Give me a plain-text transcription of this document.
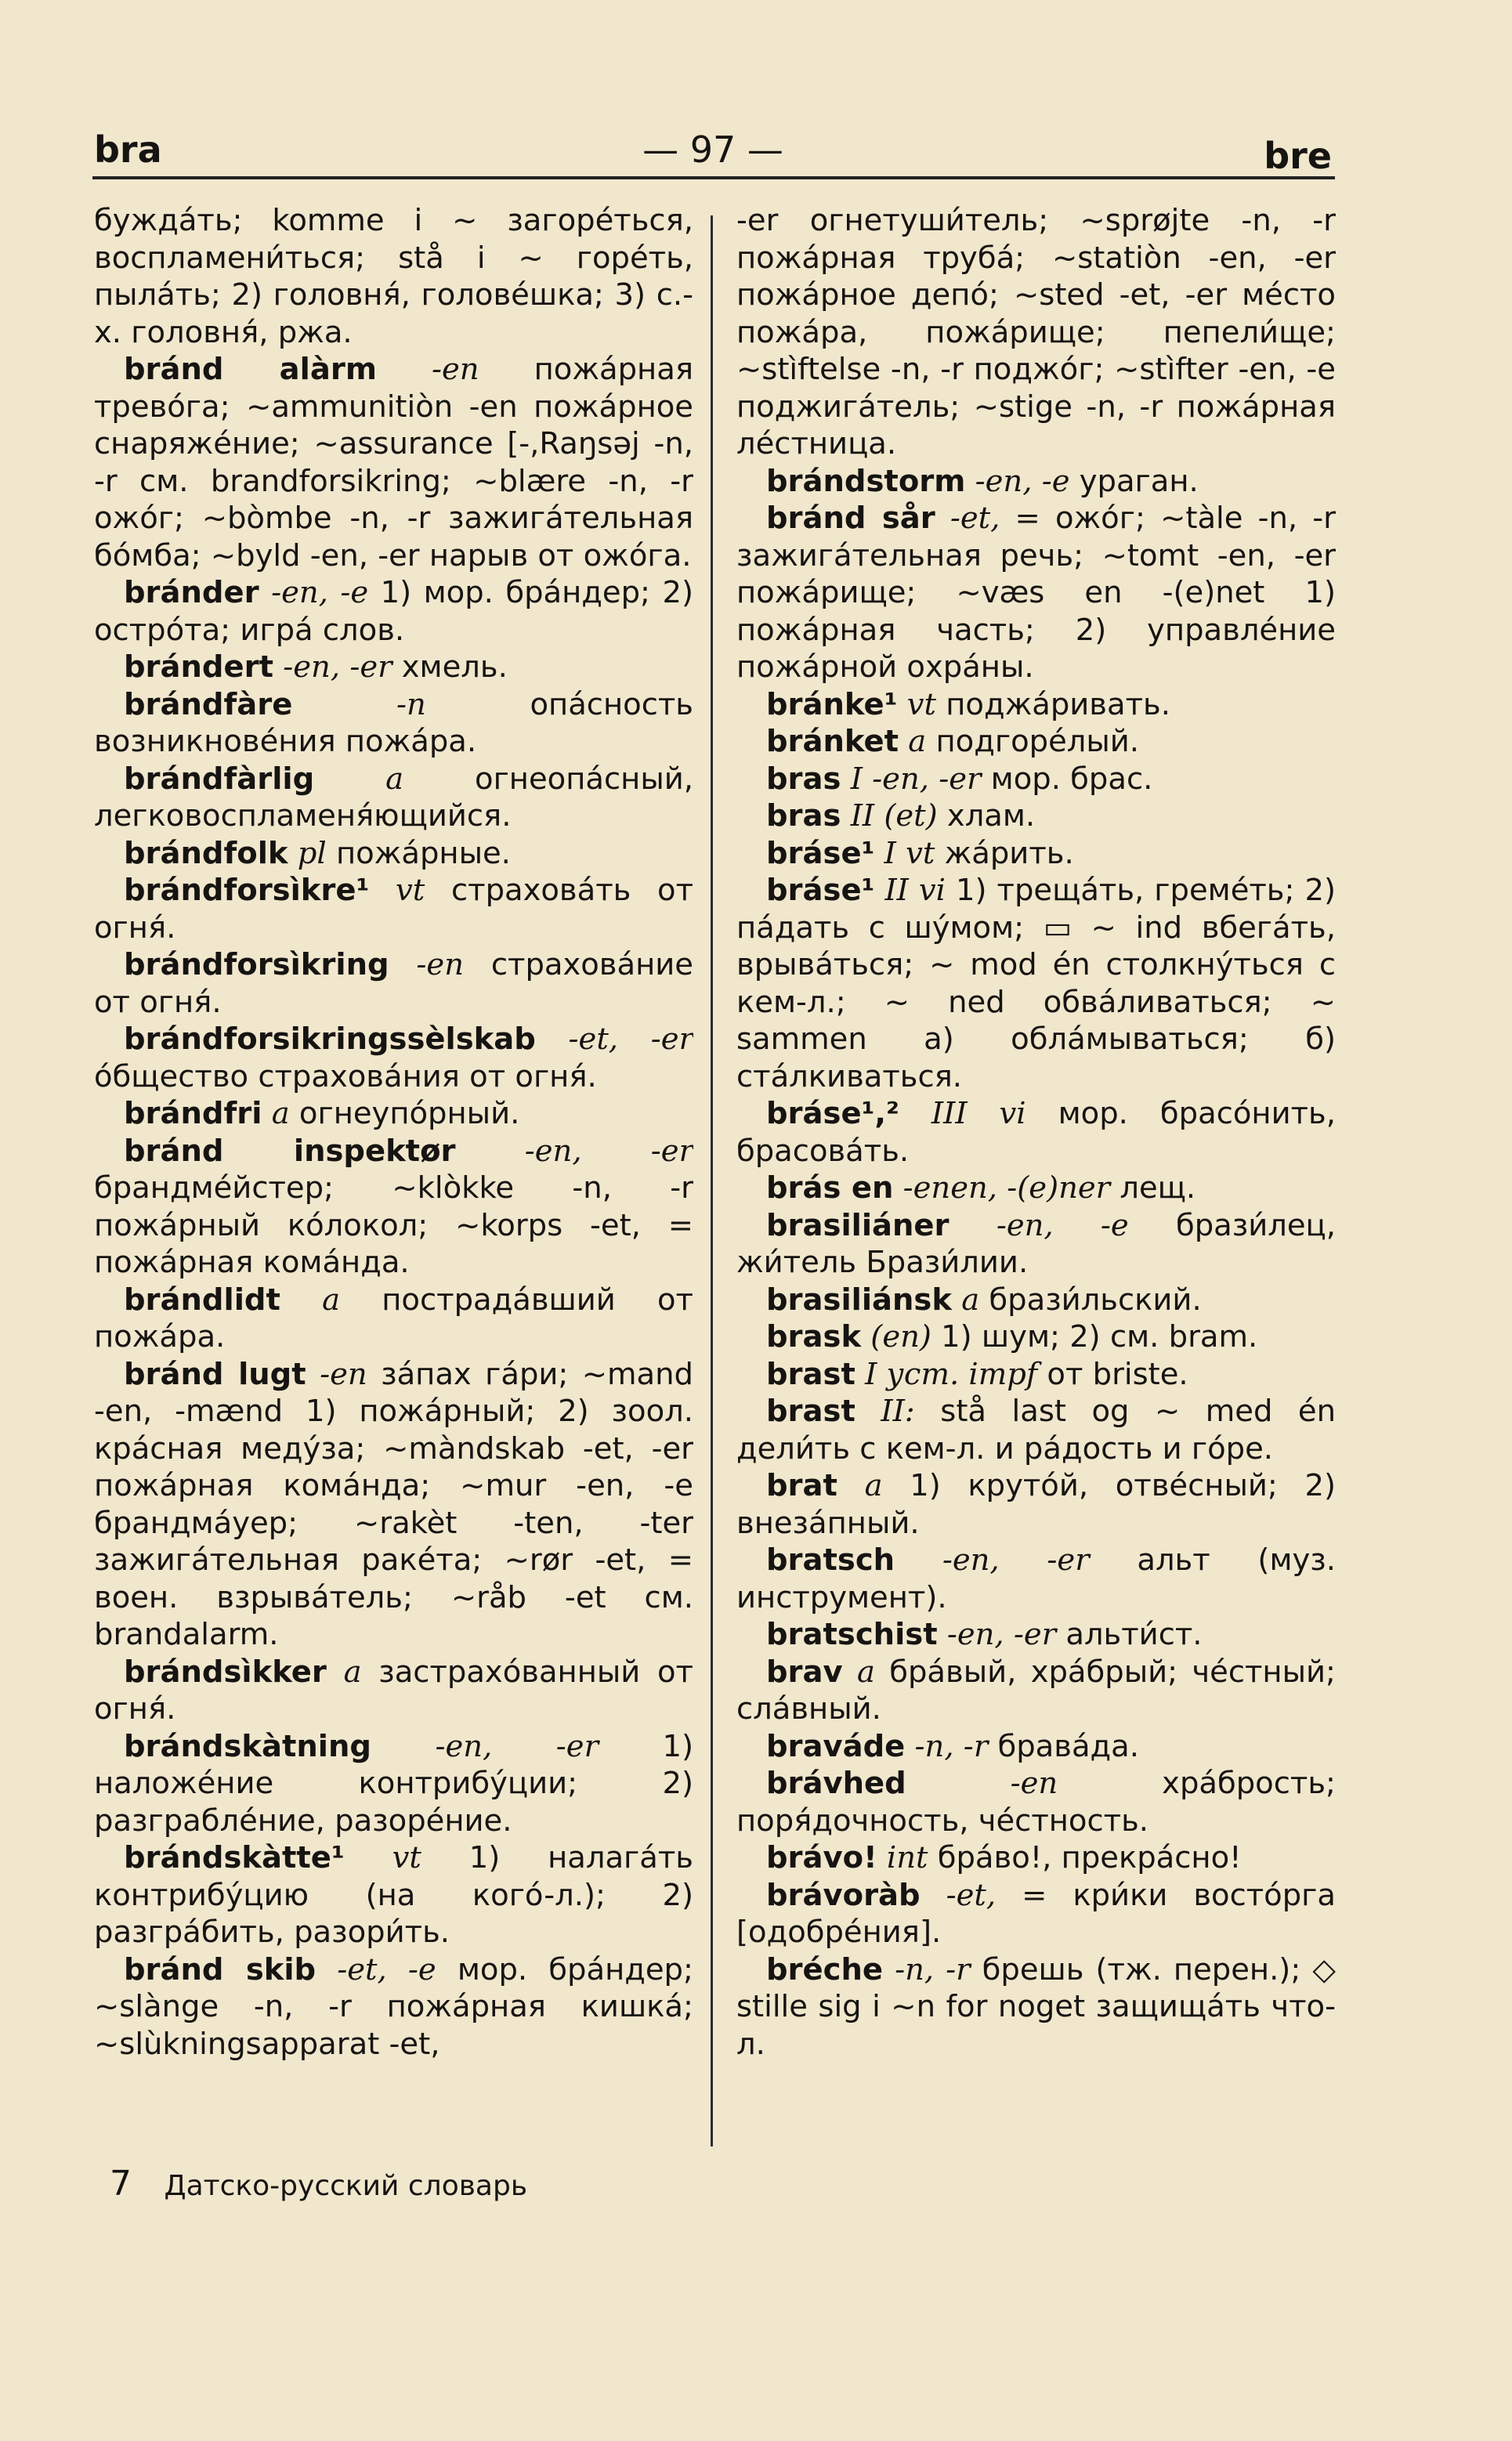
bra	— 97 —	bre

буждáть; komme i ~ загорéться, воспламени́ться; stå i ~ горéть, пылáть; 2) головня́, головéшка; 3) с.-х. головня́, ржа.

bránd alàrm -en пожáрная тревóга; ~ammunitiòn -en пожáрное снаряжéние; ~assurance [-,Raŋsəj -n, -r см. brandforsikring; ~blære -n, -r ожóг; ~bòmbe -n, -r зажигáтельная бóмба; ~byld -en, -er нарыв от ожóга.

bránder -en, -e 1) мор. брáндер; 2) острóта; игрá слов.

brándert -en, -er хмель.

brándfàre	-n	опáсность возникновéния пожáра.

brándfàrlig a огнеопáсный, легковоспламеня́ющийся.

brándfolk pl пожáрные.

brándforsìkre¹ vt страховáть от огня́.

brándforsìkring -en страховáние от огня́.

brándforsikringssèlskab -et, -er óбщество страховáния от огня́.

brándfri a огнеупóрный.

bránd inspektør -en, -er брандмéйстер; ~klòkke -n, -r пожáрный кóлокол; ~korps -et, = пожáрная комáнда.

brándlidt a пострадáвший от пожáра.

bránd lugt -en зáпах гáри; ~mand -en, -mænd 1) пожáрный; 2) зоол. крáсная медýза; ~màndskab -et, -er пожáрная комáнда; ~mur -en, -e брандмáуер; ~rakèt -ten, -ter зажигáтельная ракéта; ~rør -et, = воен. взрывáтель; ~råb -et см. brandalarm.

brándsìkker a застрахóванный от огня́.

brándskàtning -en, -er 1) наложéние контрибýции; 2) разграблéние, разорéние.

brándskàtte¹ vt 1) налагáть контрибýцию (на когó-л.); 2) разгрáбить, разори́ть.

bránd skib -et, -e мор. брáндер; ~slànge -n, -r пожáрная кишкá; ~slùkningsapparat -et,

-er огнетуши́тель; ~sprøjte -n, -r пожáрная трубá; ~statiòn -en, -er пожáрное депó; ~sted -et, -er мéсто пожáра, пожáрище; пепели́ще; ~stìftelse -n, -r поджóг; ~stìfter -en, -e поджигáтель; ~stige -n, -r пожáрная лéстница.

brándstorm -en, -e ураган.

bránd sår -et, = ожóг; ~tàle -n, -r зажигáтельная речь; ~tomt -en, -er пожáрище; ~væs en -(e)net 1) пожáрная часть; 2) управлéние пожáрной охрáны.

bránke¹ vt поджáривать.

bránket a подгорéлый.

bras I -en, -er мор. брас.

bras II (et) хлам.

bráse¹ I vt жáрить.

bráse¹ II vi 1) трещáть, гремéть; 2) пáдать с шýмом; ▭ ~ ind вбегáть, врывáться; ~ mod én столкнýться с кем-л.; ~ ned обвáливаться; ~ sammen а) облáмываться; б) стáлкиваться.

bráse¹,² III vi мор. брасóнить, брасовáть.

brás en -enen, -(e)ner лещ.

brasiliáner -en, -e брази́лец, жи́тель Брази́лии.

brasiliánsk a брази́льский.

brask (en) 1) шум; 2) см. bram.

brast I уст. impf от briste.

brast II: stå last og ~ med én дели́ть с кем-л. и рáдость и гóре.

brat a 1) крутóй, отвéсный; 2) внезáпный.

bratsch -en, -er альт (муз. инструмент).

bratschist -en, -er альти́ст.

brav a брáвый, хрáбрый; чéстный; слáвный.

braváde -n, -r бравáда.

brávhed	-en	хрáбрость; поря́дочность, чéстность.

brávo! int брáво!, прекрáсно!

brávoràb -et, = кри́ки востóрга [одобрéния].

bréche -n, -r брешь (тж. перен.); ◇ stille sig i ~n for noget защищáть что-л.

7 Датско-русский словарь
